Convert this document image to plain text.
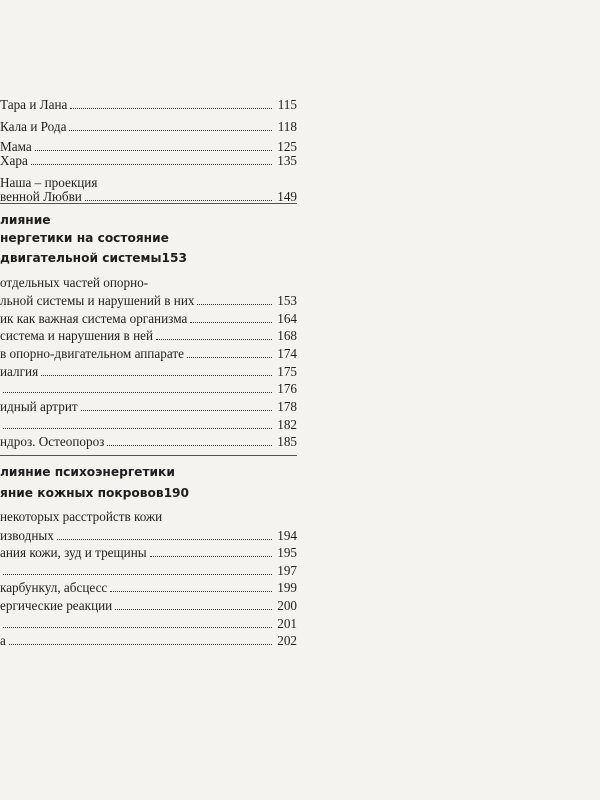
Тара и Лана	115
Кала и Рода	118
Мама	125
Хара	135
Наша – проекция
венной Любви	149
лияние
нергетики на состояние
двигательной системы153
отдельных частей опорно-
льной системы и нарушений в них	153
ик как важная система организма	164
система и нарушения в ней	168
в опорно-двигательном аппарате	174
иалгия	175
176
идный артрит	178
182
ндроз. Остеопороз	185
лияние психоэнергетики
яние кожных покровов190
некоторых расстройств кожи
изводных	194
ания кожи, зуд и трещины	195
197
карбункул, абсцесс	199
ергические реакции	200
201
а	202
